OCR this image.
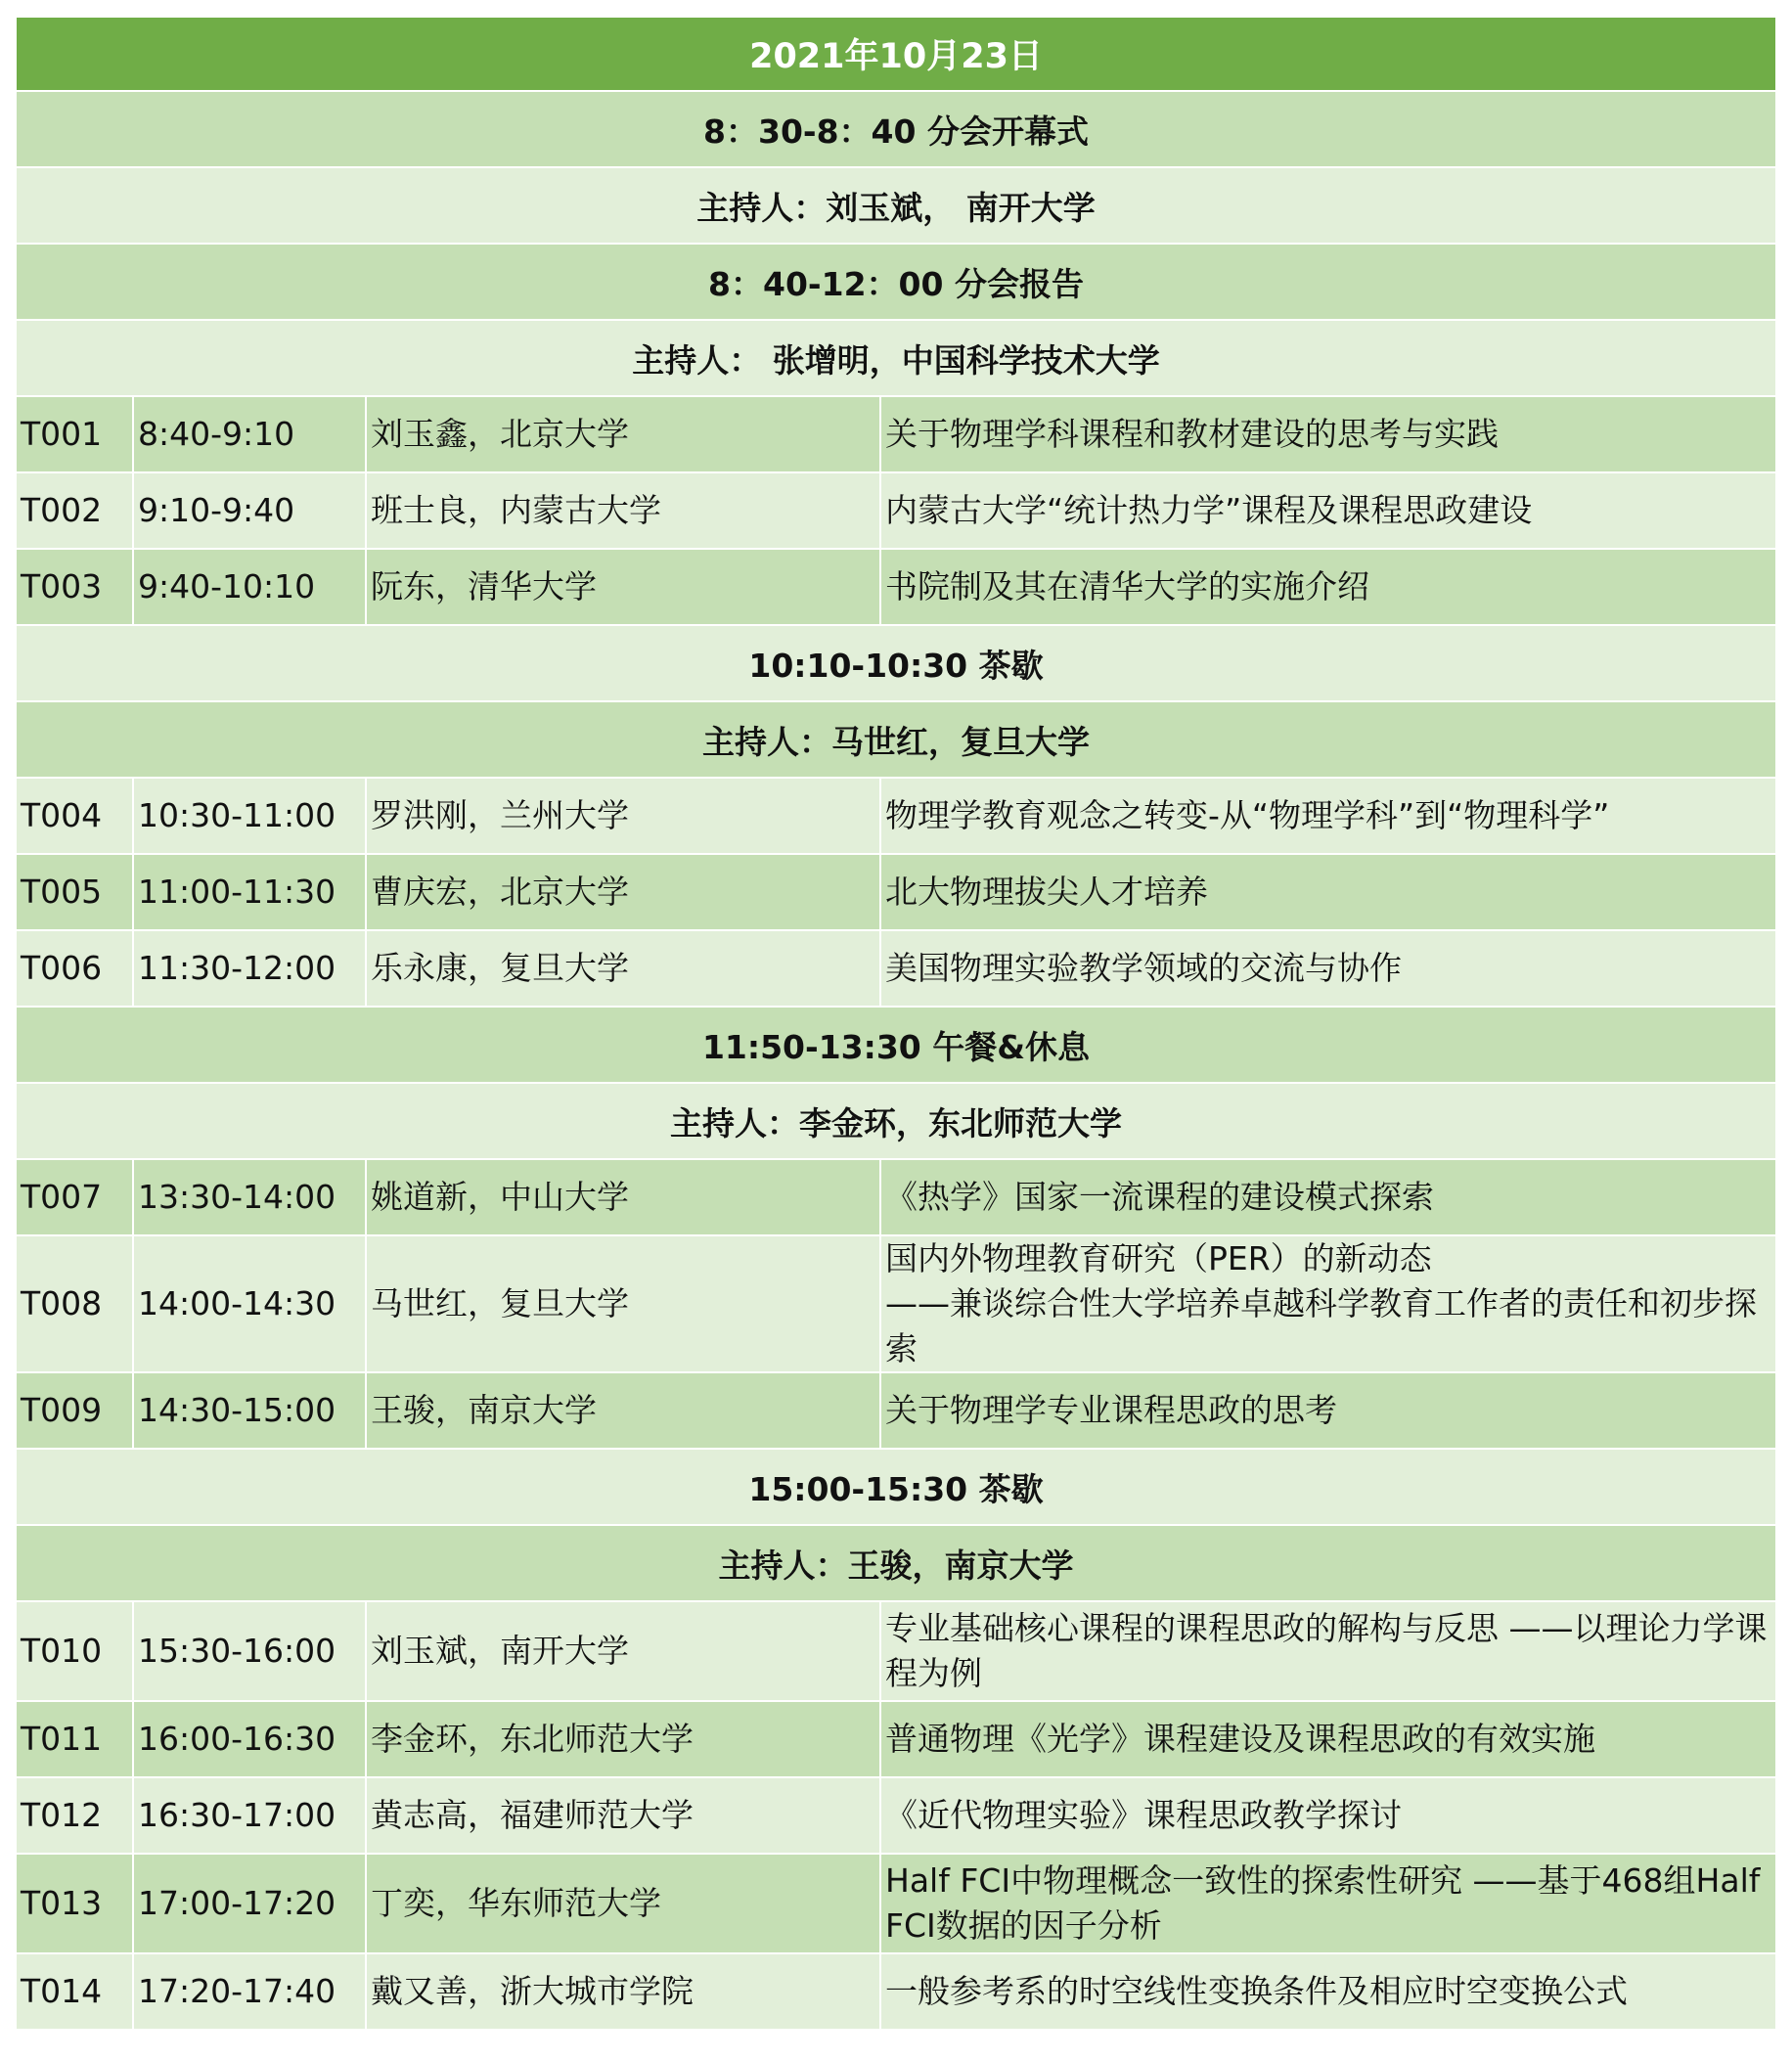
2021年10月23日			
8：30-8：40 分会开幕式			
主持人：刘玉斌， 南开大学			
8：40-12：00 分会报告			
主持人： 张增明，中国科学技术大学			
T001	8:40-9:10	刘玉鑫，北京大学	关于物理学科课程和教材建设的思考与实践
T002	9:10-9:40	班士良，内蒙古大学	内蒙古大学“统计热力学”课程及课程思政建设
T003	9:40-10:10	阮东，清华大学	书院制及其在清华大学的实施介绍
10:10-10:30 茶歇			
主持人：马世红，复旦大学			
T004	10:30-11:00	罗洪刚，兰州大学	物理学教育观念之转变-从“物理学科”到“物理科学”
T005	11:00-11:30	曹庆宏，北京大学	北大物理拔尖人才培养
T006	11:30-12:00	乐永康，复旦大学	美国物理实验教学领域的交流与协作
11:50-13:30 午餐&休息			
主持人：李金环，东北师范大学			
T007	13:30-14:00	姚道新，中山大学	《热学》国家一流课程的建设模式探索
T008	14:00-14:30	马世红，复旦大学	国内外物理教育研究（PER）的新动态
——兼谈综合性大学培养卓越科学教育工作者的责任和初步探索
T009	14:30-15:00	王骏，南京大学	关于物理学专业课程思政的思考
15:00-15:30 茶歇			
主持人：王骏，南京大学			
T010	15:30-16:00	刘玉斌，南开大学	专业基础核心课程的课程思政的解构与反思 ——以理论力学课程为例
T011	16:00-16:30	李金环，东北师范大学	普通物理《光学》课程建设及课程思政的有效实施
T012	16:30-17:00	黄志高，福建师范大学	《近代物理实验》课程思政教学探讨
T013	17:00-17:20	丁奕，华东师范大学	Half FCI中物理概念一致性的探索性研究 ——基于468组Half FCI数据的因子分析
T014	17:20-17:40	戴又善，浙大城市学院	一般参考系的时空线性变换条件及相应时空变换公式
